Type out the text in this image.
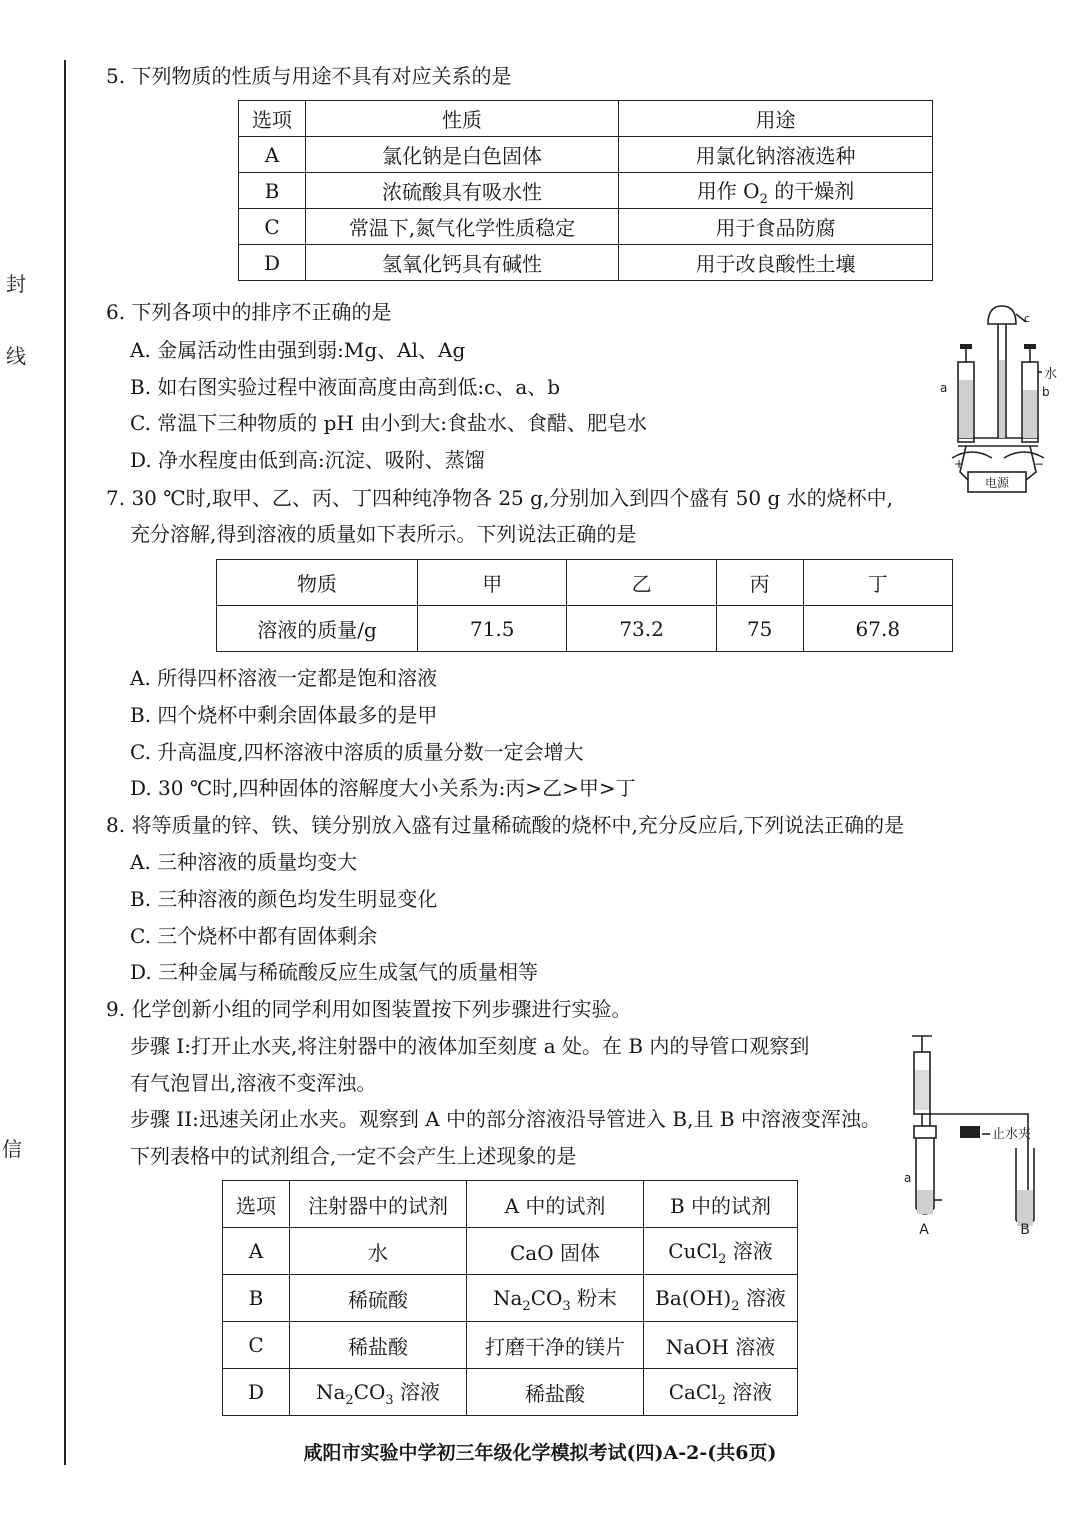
封
线
信
5. 下列物质的性质与用途不具有对应关系的是
选项	性质	用途
A	氯化钠是白色固体	用氯化钠溶液选种
B	浓硫酸具有吸水性	用作 $O_2$ 的干燥剂
C	常温下,氮气化学性质稳定	用于食品防腐
D	氢氧化钙具有碱性	用于改良酸性土壤
6. 下列各项中的排序不正确的是
A. 金属活动性由强到弱:Mg、Al、Ag
B. 如右图实验过程中液面高度由高到低:c、a、b
C. 常温下三种物质的 pH 由小到大:食盐水、食醋、肥皂水
D. 净水程度由低到高:沉淀、吸附、蒸馏
c
水
b
a
+	−
电源
7. 30 ℃时,取甲、乙、丙、丁四种纯净物各 25 g,分别加入到四个盛有 50 g 水的烧杯中,
充分溶解,得到溶液的质量如下表所示。下列说法正确的是
物质	甲	乙	丙	丁
溶液的质量/g	71.5	73.2	75	67.8
A. 所得四杯溶液一定都是饱和溶液
B. 四个烧杯中剩余固体最多的是甲
C. 升高温度,四杯溶液中溶质的质量分数一定会增大
D. 30 ℃时,四种固体的溶解度大小关系为:丙>乙>甲>丁
8. 将等质量的锌、铁、镁分别放入盛有过量稀硫酸的烧杯中,充分反应后,下列说法正确的是
A. 三种溶液的质量均变大
B. 三种溶液的颜色均发生明显变化
C. 三个烧杯中都有固体剩余
D. 三种金属与稀硫酸反应生成氢气的质量相等
9. 化学创新小组的同学利用如图装置按下列步骤进行实验。
步骤 I:打开止水夹,将注射器中的液体加至刻度 a 处。在 B 内的导管口观察到
有气泡冒出,溶液不变浑浊。
步骤 II:迅速关闭止水夹。观察到 A 中的部分溶液沿导管进入 B,且 B 中溶液变浑浊。
下列表格中的试剂组合,一定不会产生上述现象的是
止水夹
a
A	B
选项	注射器中的试剂	A 中的试剂	B 中的试剂
A	水	CaO 固体	CuCl$_2$ 溶液
B	稀硫酸	$Na_2CO_3$ 粉末	$Ba(OH)_2$ 溶液
C	稀盐酸	打磨干净的镁片	NaOH 溶液
D	$Na_2CO_3$ 溶液	稀盐酸	CaCl$_2$ 溶液
咸阳市实验中学初三年级化学模拟考试(四)A-2-(共6页)
